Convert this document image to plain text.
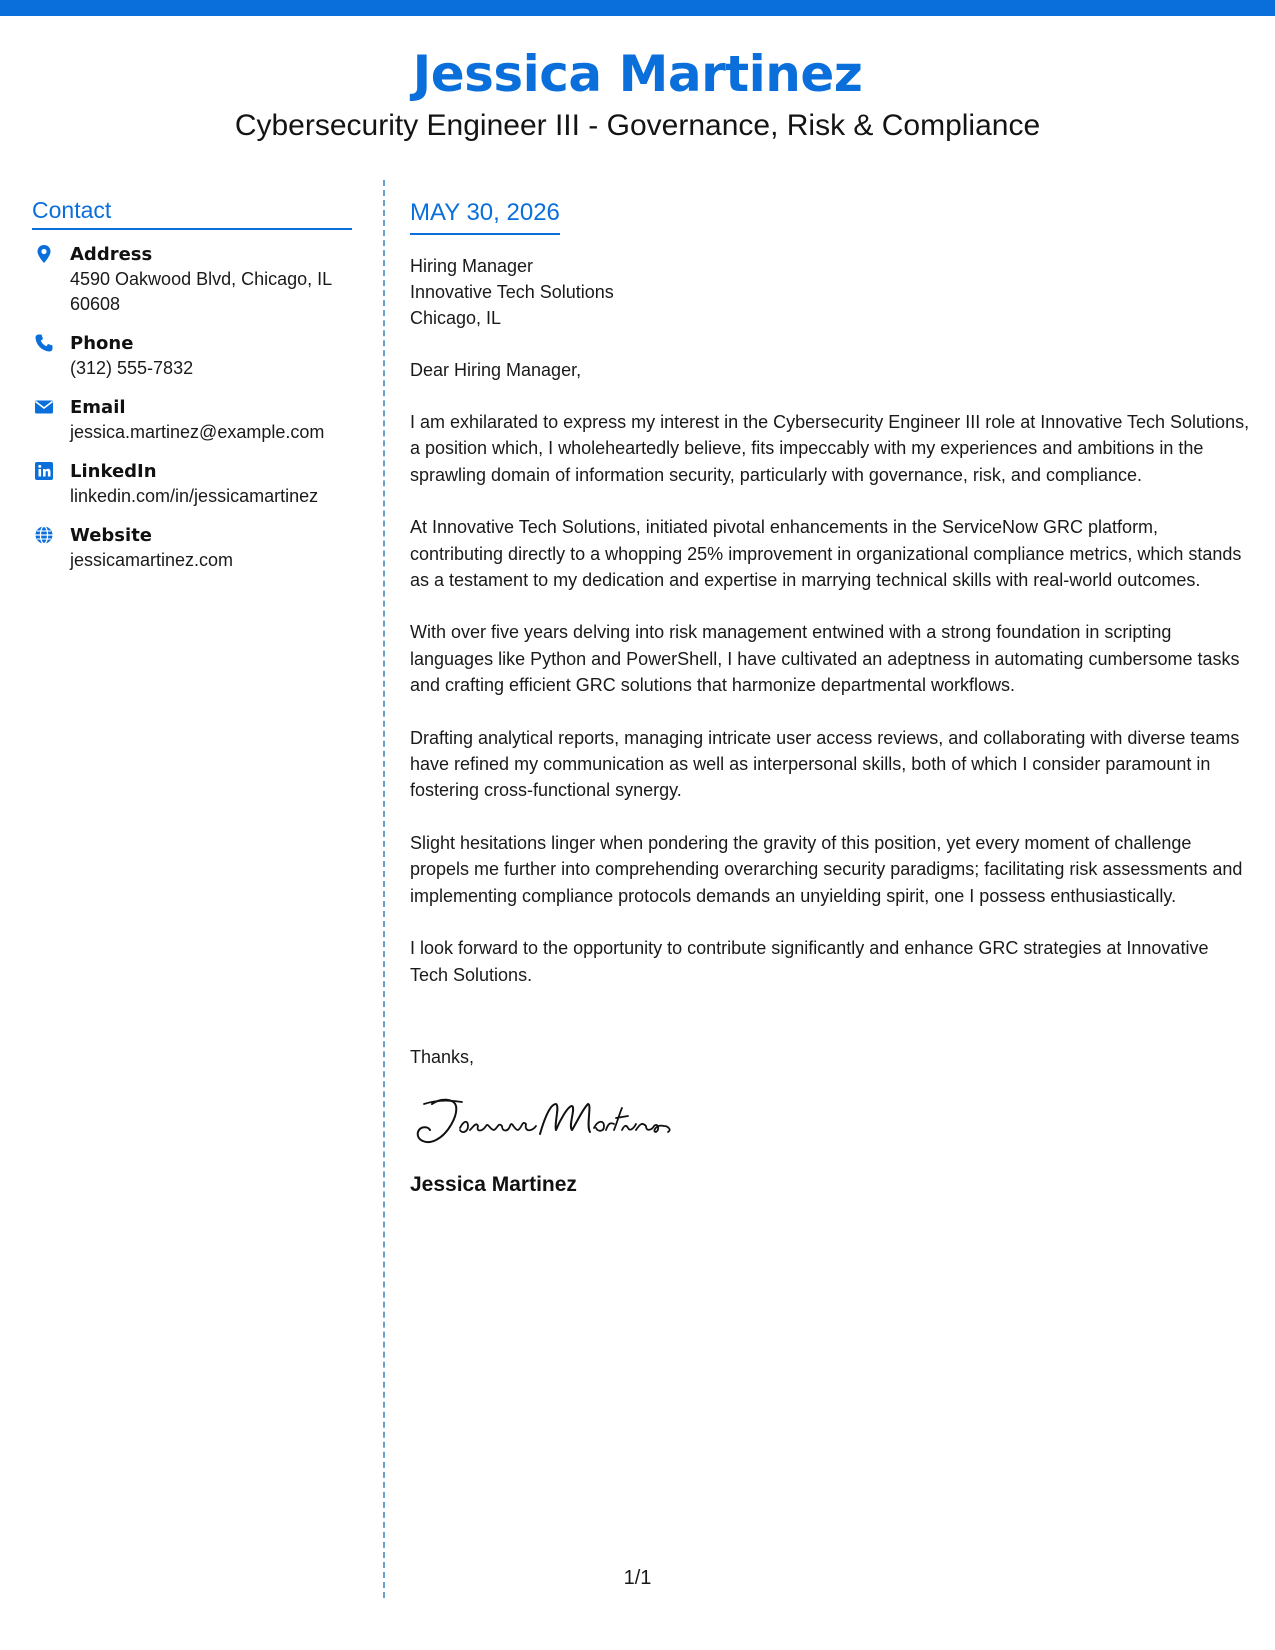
Jessica Martinez
Cybersecurity Engineer III - Governance, Risk & Compliance
Contact
Address
4590 Oakwood Blvd, Chicago, IL 60608
Phone
(312) 555-7832
Email
jessica.martinez@example.com
LinkedIn
linkedin.com/in/jessicamartinez
Website
jessicamartinez.com
MAY 30, 2026
Hiring Manager
Innovative Tech Solutions
Chicago, IL
Dear Hiring Manager,
I am exhilarated to express my interest in the Cybersecurity Engineer III role at Innovative Tech Solutions, a position which, I wholeheartedly believe, fits impeccably with my experiences and ambitions in the sprawling domain of information security, particularly with governance, risk, and compliance.
At Innovative Tech Solutions, initiated pivotal enhancements in the ServiceNow GRC platform, contributing directly to a whopping 25% improvement in organizational compliance metrics, which stands as a testament to my dedication and expertise in marrying technical skills with real-world outcomes.
With over five years delving into risk management entwined with a strong foundation in scripting languages like Python and PowerShell, I have cultivated an adeptness in automating cumbersome tasks and crafting efficient GRC solutions that harmonize departmental workflows.
Drafting analytical reports, managing intricate user access reviews, and collaborating with diverse teams have refined my communication as well as interpersonal skills, both of which I consider paramount in fostering cross-functional synergy.
Slight hesitations linger when pondering the gravity of this position, yet every moment of challenge propels me further into comprehending overarching security paradigms; facilitating risk assessments and implementing compliance protocols demands an unyielding spirit, one I possess enthusiastically.
I look forward to the opportunity to contribute significantly and enhance GRC strategies at Innovative Tech Solutions.
Thanks,
Jessica Martinez
1/1
